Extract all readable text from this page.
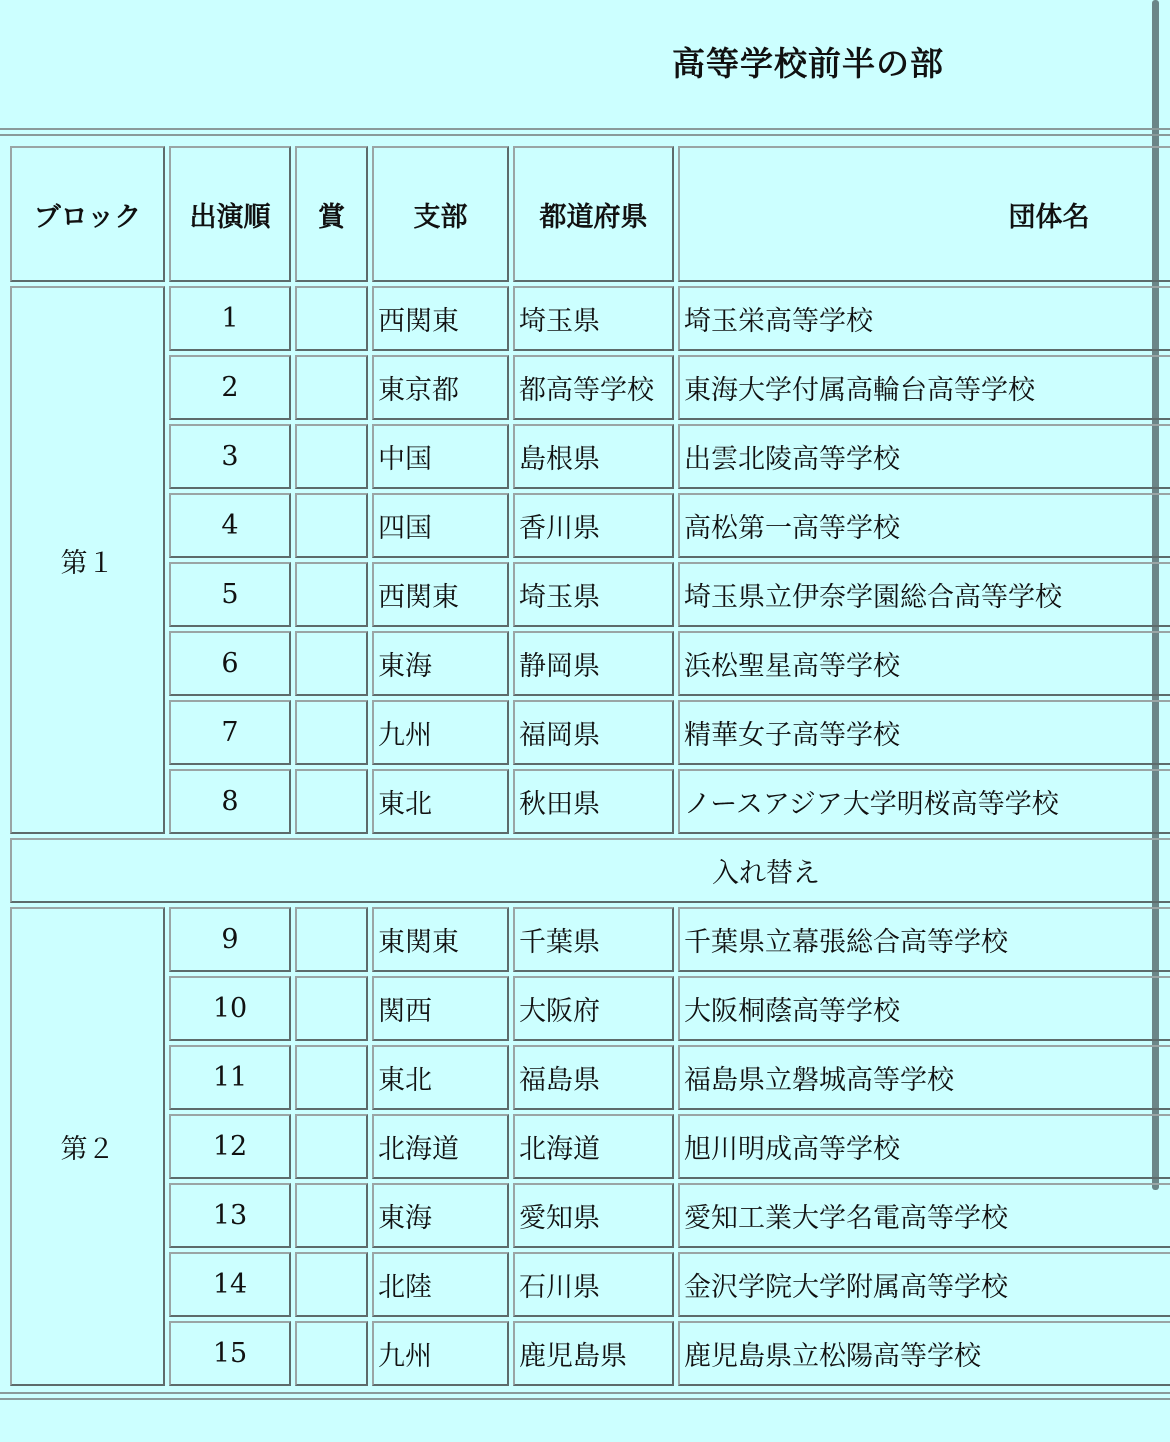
高等学校前半の部
ブロック	出演順	賞	支部	都道府県	団体名
第１	1		西関東	埼玉県	埼玉栄高等学校
	2		東京都	都高等学校	東海大学付属高輪台高等学校
	3		中国	島根県	出雲北陵高等学校
	4		四国	香川県	高松第一高等学校
	5		西関東	埼玉県	埼玉県立伊奈学園総合高等学校
	6		東海	静岡県	浜松聖星高等学校
	7		九州	福岡県	精華女子高等学校
	8		東北	秋田県	ノースアジア大学明桜高等学校
入れ替え					
第２	9		東関東	千葉県	千葉県立幕張総合高等学校
	10		関西	大阪府	大阪桐蔭高等学校
	11		東北	福島県	福島県立磐城高等学校
	12		北海道	北海道	旭川明成高等学校
	13		東海	愛知県	愛知工業大学名電高等学校
	14		北陸	石川県	金沢学院大学附属高等学校
	15		九州	鹿児島県	鹿児島県立松陽高等学校
